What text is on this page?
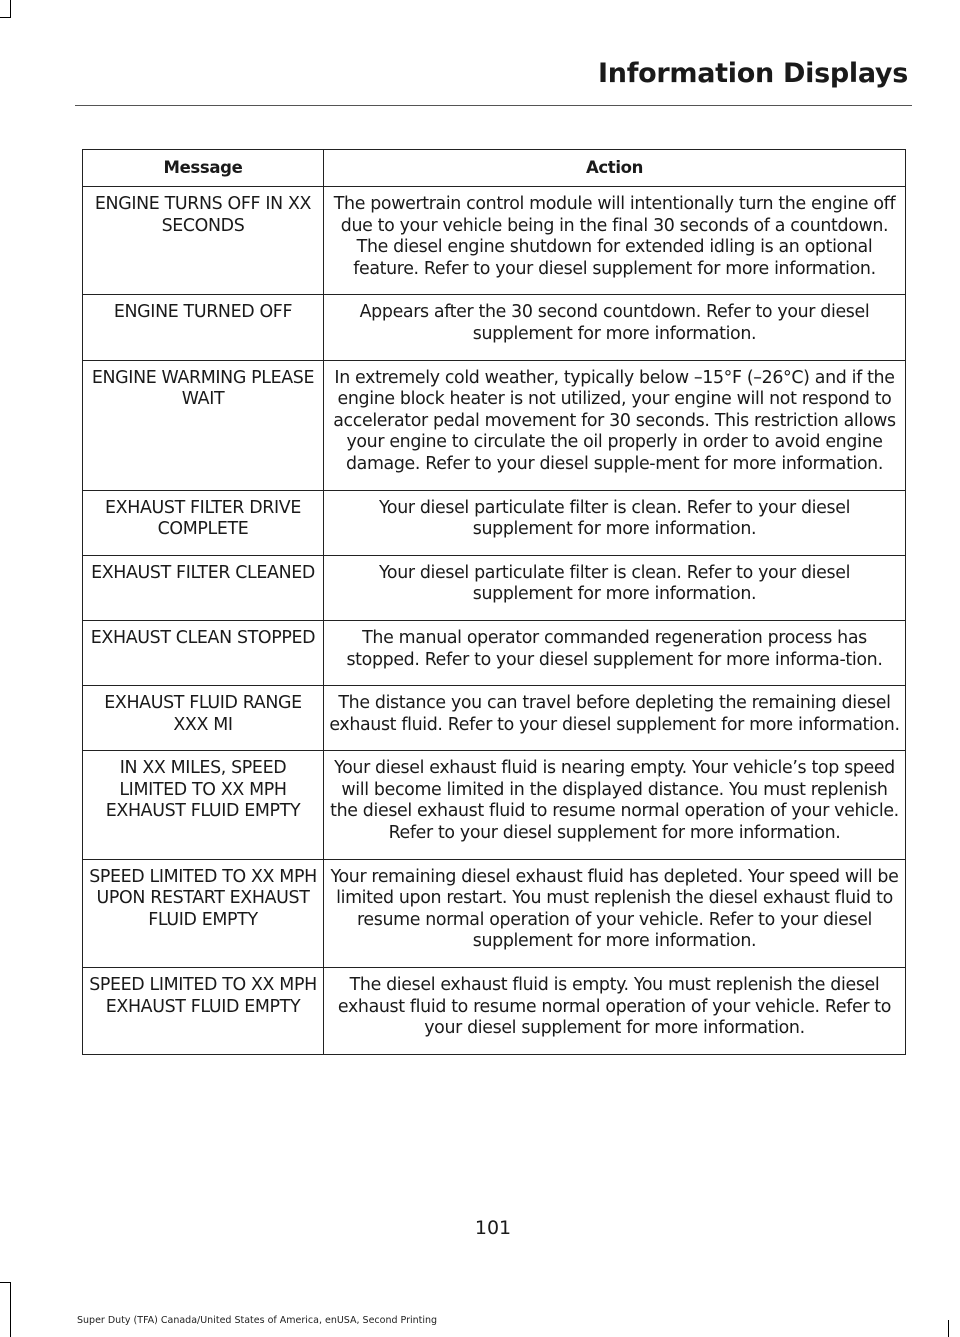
Information Displays
Message	Action
ENGINE TURNS OFF IN XX SECONDS	The powertrain control module will intentionally turn the engine off due to your vehicle being in the final 30 seconds of a countdown. The diesel engine shutdown for extended idling is an optional feature. Refer to your diesel supplement for more information.
ENGINE TURNED OFF	Appears after the 30 second countdown. Refer to your diesel supplement for more information.
ENGINE WARMING PLEASE WAIT	In extremely cold weather, typically below –15°F (–26°C) and if the engine block heater is not utilized, your engine will not respond to accelerator pedal movement for 30 seconds. This restriction allows your engine to circulate the oil properly in order to avoid engine damage. Refer to your diesel supple-ment for more information.
EXHAUST FILTER DRIVE COMPLETE	Your diesel particulate filter is clean. Refer to your diesel supplement for more information.
EXHAUST FILTER CLEANED	Your diesel particulate filter is clean. Refer to your diesel supplement for more information.
EXHAUST CLEAN STOPPED	The manual operator commanded regeneration process has stopped. Refer to your diesel supplement for more informa-tion.
EXHAUST FLUID RANGE XXX MI	The distance you can travel before depleting the remaining diesel exhaust fluid. Refer to your diesel supplement for more information.
IN XX MILES, SPEED LIMITED TO XX MPH EXHAUST FLUID EMPTY	Your diesel exhaust fluid is nearing empty. Your vehicle’s top speed will become limited in the displayed distance. You must replenish the diesel exhaust fluid to resume normal operation of your vehicle. Refer to your diesel supplement for more information.
SPEED LIMITED TO XX MPH UPON RESTART EXHAUST FLUID EMPTY	Your remaining diesel exhaust fluid has depleted. Your speed will be limited upon restart. You must replenish the diesel exhaust fluid to resume normal operation of your vehicle. Refer to your diesel supplement for more information.
SPEED LIMITED TO XX MPH EXHAUST FLUID EMPTY	The diesel exhaust fluid is empty. You must replenish the diesel exhaust fluid to resume normal operation of your vehicle. Refer to your diesel supplement for more information.
101
Super Duty (TFA) Canada/United States of America, enUSA, Second Printing
